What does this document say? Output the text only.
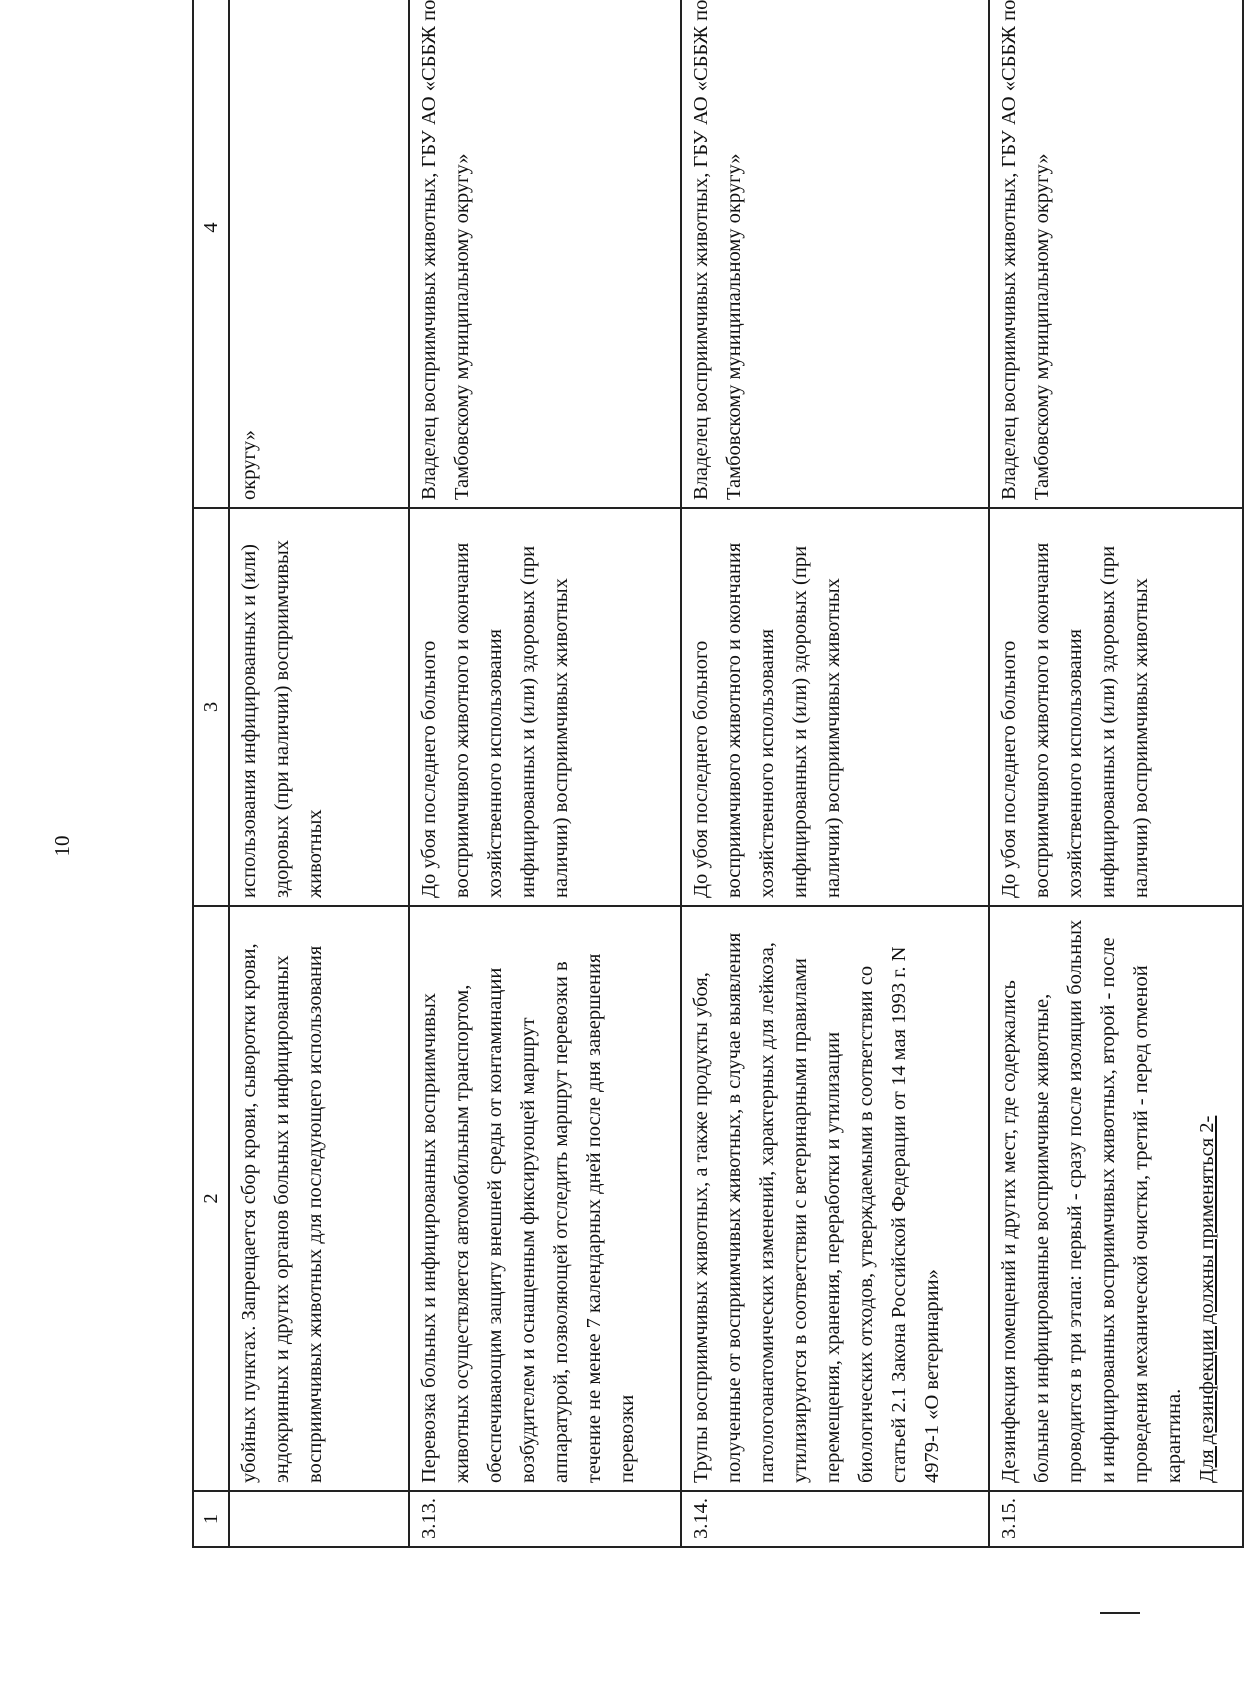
10
1	2	3	4
	убойных пунктах. Запрещается сбор крови, сыворотки крови, эндокринных и других органов больных и инфицированных восприимчивых животных для последующего использования	использования инфицированных и (или) здоровых (при наличии) восприимчивых животных	округу»
3.13.	Перевозка больных и инфицированных восприимчивых животных осуществляется автомобильным транспортом, обеспечивающим защиту внешней среды от контаминации возбудителем и оснащенным фиксирующей маршрут аппаратурой, позволяющей отследить маршрут перевозки в течение не менее 7 календарных дней после дня завершения перевозки	До убоя последнего больного восприимчивого животного и окончания хозяйственного использования инфицированных и (или) здоровых (при наличии) восприимчивых животных	Владелец восприимчивых животных, ГБУ АО «СББЖ по Тамбовскому муниципальному округу»
3.14.	Трупы восприимчивых животных, а также продукты убоя, полученные от восприимчивых животных, в случае выявления патологоанатомических изменений, характерных для лейкоза, утилизируются в соответствии с ветеринарными правилами перемещения, хранения, переработки и утилизации биологических отходов, утверждаемыми в соответствии со статьей 2.1 Закона Российской Федерации от 14 мая 1993 г. N 4979-1 «О ветеринарии»	До убоя последнего больного восприимчивого животного и окончания хозяйственного использования инфицированных и (или) здоровых (при наличии) восприимчивых животных	Владелец восприимчивых животных, ГБУ АО «СББЖ по Тамбовскому муниципальному округу»
3.15.	Дезинфекция помещений и других мест, где содержались больные и инфицированные восприимчивые животные, проводится в три этапа: первый - сразу после изоляции больных и инфицированных восприимчивых животных, второй - после проведения механической очистки, третий - перед отменой карантина. Для дезинфекции должны применяться 2-	До убоя последнего больного восприимчивого животного и окончания хозяйственного использования инфицированных и (или) здоровых (при наличии) восприимчивых животных	Владелец восприимчивых животных, ГБУ АО «СББЖ по Тамбовскому муниципальному округу»
